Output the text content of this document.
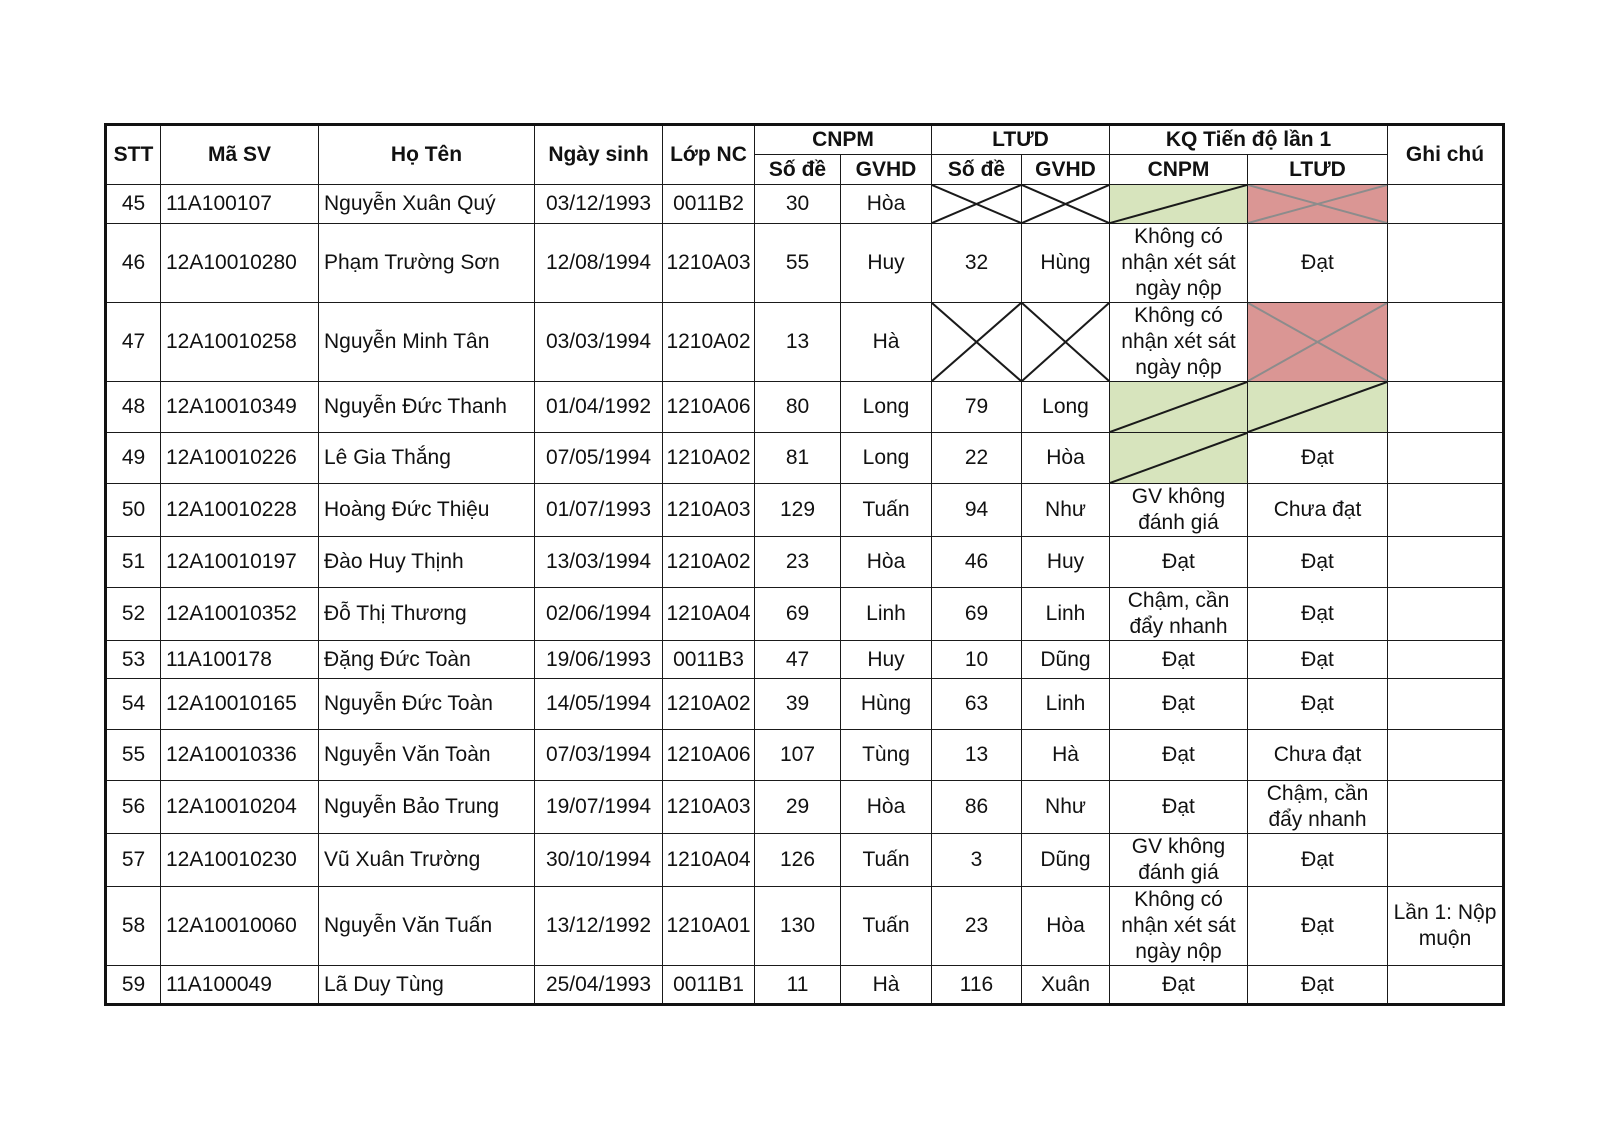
STT	Mã SV	Họ Tên	Ngày sinh	Lớp NC	CNPM		LTƯD		KQ Tiến độ lần 1		Ghi chú
					Số đề	GVHD	Số đề	GVHD	CNPM	LTƯD	
45	11A100107	Nguyễn Xuân Quý	03/12/1993	0011B2	30	Hòa	

46	12A10010280	Phạm Trường Sơn	12/08/1994	1210A03	55	Huy	32	Hùng	Không có nhận xét sát ngày nộp	Đạt	
47	12A10010258	Nguyễn Minh Tân	03/03/1994	1210A02	13	Hà			Không có nhận xét sát ngày nộp	

48	12A10010349	Nguyễn Đức Thanh	01/04/1992	1210A06	80	Long	79	Long	

49	12A10010226	Lê Gia Thắng	07/05/1994	1210A02	81	Long	22	Hòa		Đạt	
50	12A10010228	Hoàng Đức Thiệu	01/07/1993	1210A03	129	Tuấn	94	Như	GV không đánh giá	Chưa đạt	
51	12A10010197	Đào Huy Thịnh	13/03/1994	1210A02	23	Hòa	46	Huy	Đạt	Đạt	
52	12A10010352	Đỗ Thị Thương	02/06/1994	1210A04	69	Linh	69	Linh	Chậm, cần đẩy nhanh	Đạt	
53	11A100178	Đặng Đức Toàn	19/06/1993	0011B3	47	Huy	10	Dũng	Đạt	Đạt	
54	12A10010165	Nguyễn Đức Toàn	14/05/1994	1210A02	39	Hùng	63	Linh	Đạt	Đạt	
55	12A10010336	Nguyễn Văn Toàn	07/03/1994	1210A06	107	Tùng	13	Hà	Đạt	Chưa đạt	
56	12A10010204	Nguyễn Bảo Trung	19/07/1994	1210A03	29	Hòa	86	Như	Đạt	Chậm, cần đẩy nhanh	
57	12A10010230	Vũ Xuân Trường	30/10/1994	1210A04	126	Tuấn	3	Dũng	GV không đánh giá	Đạt	
58	12A10010060	Nguyễn Văn Tuấn	13/12/1992	1210A01	130	Tuấn	23	Hòa	Không có nhận xét sát ngày nộp	Đạt	Lần 1: Nộp muộn
59	11A100049	Lã Duy Tùng	25/04/1993	0011B1	11	Hà	116	Xuân	Đạt	Đạt	
